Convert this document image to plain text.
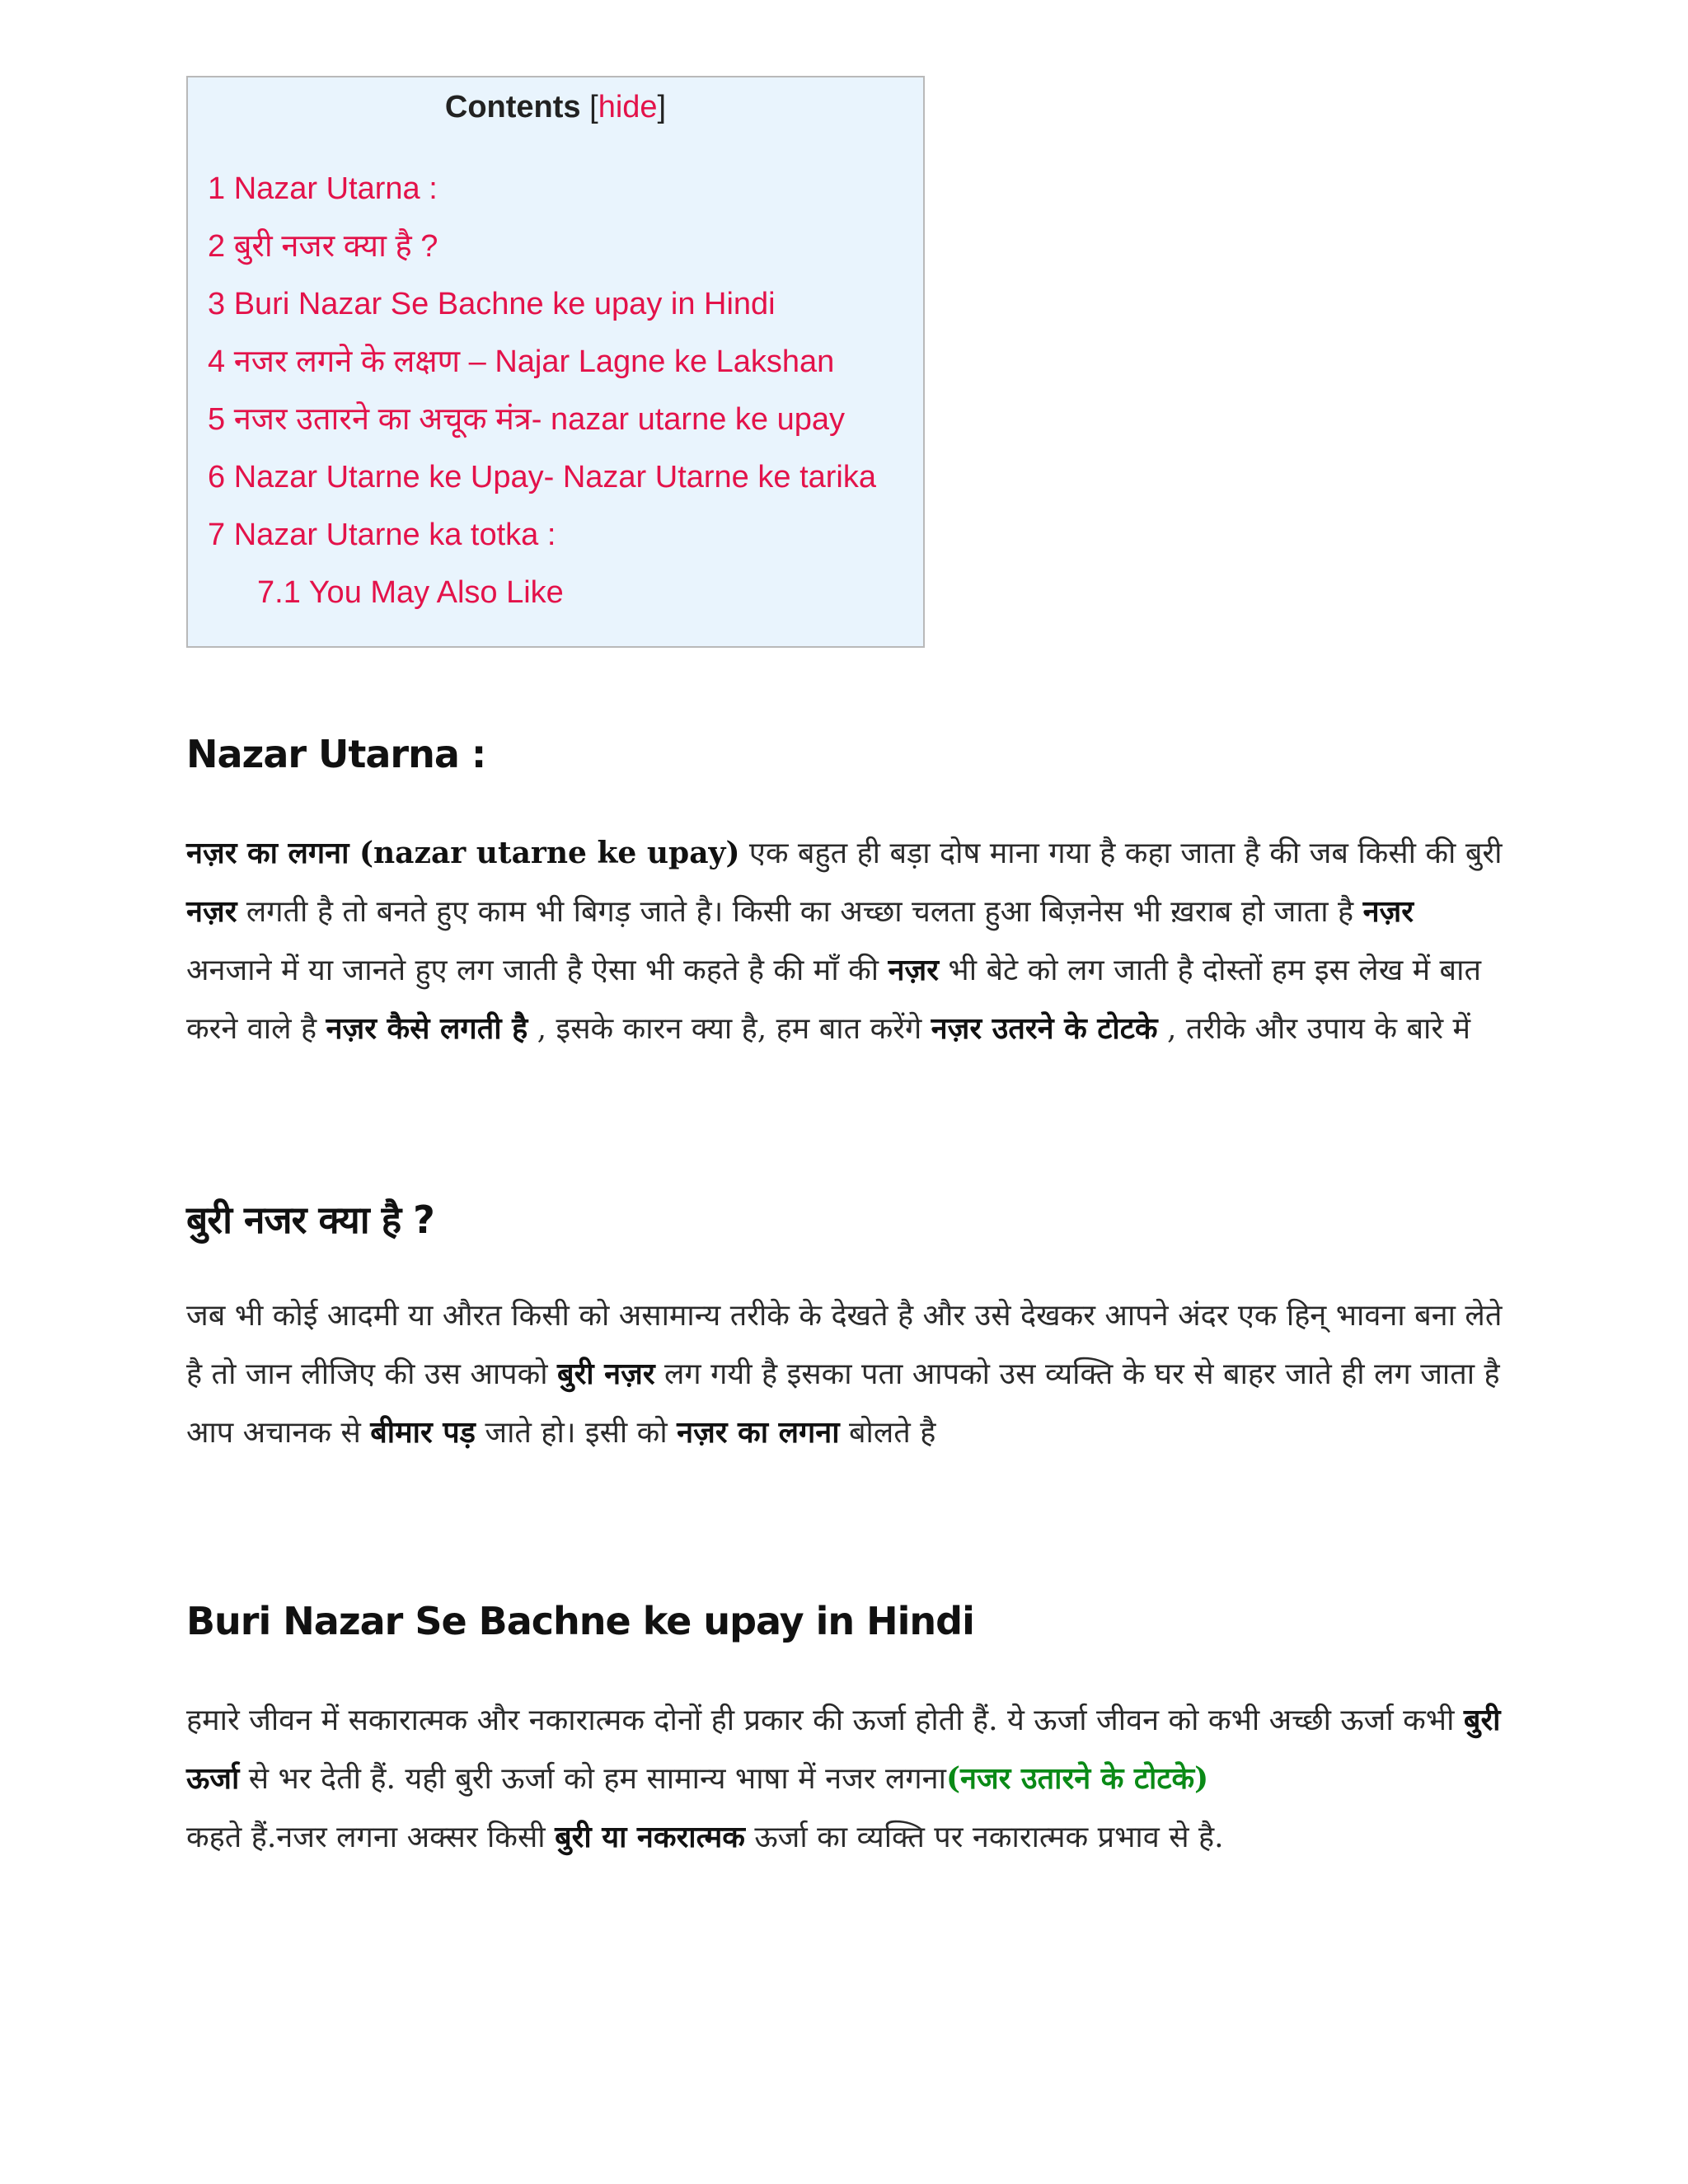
Contents [hide]
1 Nazar Utarna :
2 बुरी नजर क्या है ?
3 Buri Nazar Se Bachne ke upay in Hindi
4 नजर लगने के लक्षण – Najar Lagne ke Lakshan
5 नजर उतारने का अचूक मंत्र- nazar utarne ke upay
6 Nazar Utarne ke Upay- Nazar Utarne ke tarika
7 Nazar Utarne ka totka :
7.1 You May Also Like
Nazar Utarna :

नज़र का लगना (nazar utarne ke upay) एक बहुत ही बड़ा दोष माना गया है कहा जाता है की जब किसी की बुरी नज़र लगती है तो बनते हुए काम भी बिगड़ जाते है। किसी का अच्छा चलता हुआ बिज़नेस भी ख़राब हो जाता है नज़र अनजाने में या जानते हुए लग जाती है ऐसा भी कहते है की माँ की नज़र भी बेटे को लग जाती है दोस्तों हम इस लेख में बात करने वाले है नज़र कैसे लगती है , इसके कारन क्या है, हम बात करेंगे नज़र उतरने के टोटके , तरीके और उपाय के बारे में

बुरी नजर क्या है ?

जब भी कोई आदमी या औरत किसी को असामान्य तरीके के देखते है और उसे देखकर आपने अंदर एक हिन् भावना बना लेते है तो जान लीजिए की उस आपको बुरी नज़र लग गयी है इसका पता आपको उस व्यक्ति के घर से बाहर जाते ही लग जाता है आप अचानक से बीमार पड़ जाते हो। इसी को नज़र का लगना बोलते है

Buri Nazar Se Bachne ke upay in Hindi

हमारे जीवन में सकारात्मक और नकारात्मक दोनों ही प्रकार की ऊर्जा होती हैं. ये ऊर्जा जीवन को कभी अच्छी ऊर्जा कभी बुरी ऊर्जा से भर देती हैं. यही बुरी ऊर्जा को हम सामान्य भाषा में नजर लगना(नजर उतारने के टोटके)
कहते हैं.नजर लगना अक्सर किसी बुरी या नकरात्मक ऊर्जा का व्यक्ति पर नकारात्मक प्रभाव से है.
